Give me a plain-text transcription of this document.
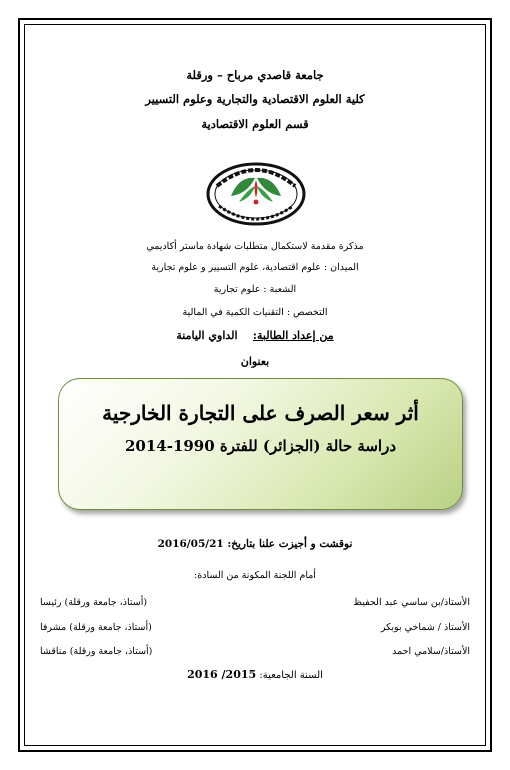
جامعة قاصدي مرباح – ورقلة
كلية العلوم الاقتصادية والتجارية وعلوم التسيير
قسم العلوم الاقتصادية
مذكرة مقدمة لاستكمال متطلبات شهادة ماستر أكاديمي
الميدان : علوم اقتصادية، علوم التسيير و علوم تجارية
الشعبة : علوم تجارية
التخصص : التقنيات الكمية في المالية
من إعداد الطالبة:    الداوي اليامنة
بعنوان
أثر سعر الصرف على التجارة الخارجية
دراسة حالة (الجزائر) للفترة 1990-2014
نوقشت و أجيزت علنا بتاريخ: 2016/05/21
أمام اللجنة المكونة من السادة:
الأستاذ/بن ساسي عبد الحفيظ
(أستاذ، جامعة ورقلة) رئيسا
الأستاذ / شماخي بوبكر
(أستاذ، جامعة ورقلة) مشرفا
الأستاذ/سلامي احمد
(أستاذ، جامعة ورقلة) مناقشا
السنة الجامعية: 2015/ 2016
